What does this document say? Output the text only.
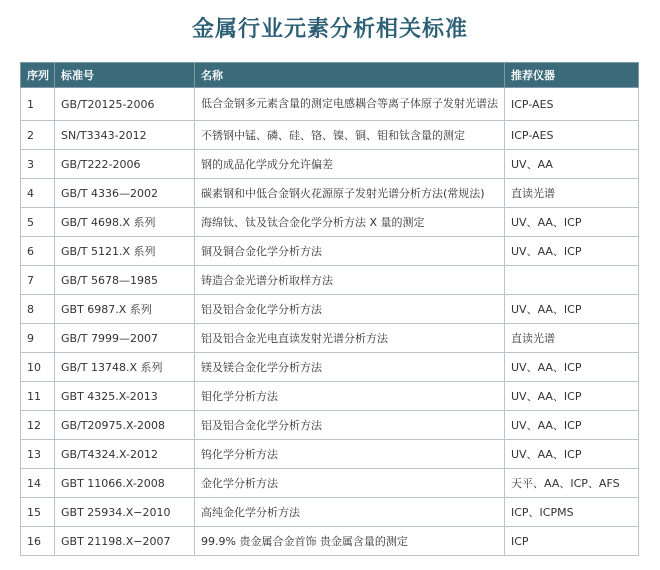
金属行业元素分析相关标准
序列	标准号	名称	推荐仪器
1	GB/T20125-2006	低合金钢多元素含量的测定电感耦合等离子体原子发射光谱法	ICP-AES
2	SN/T3343-2012	不锈钢中锰、磷、硅、铬、镍、铜、钼和钛含量的测定	ICP-AES
3	GB/T222-2006	钢的成品化学成分允许偏差	UV、AA
4	GB/T 4336—2002	碳素钢和中低合金钢火花源原子发射光谱分析方法(常规法)	直读光谱
5	GB/T 4698.X 系列	海绵钛、钛及钛合金化学分析方法 X 量的测定	UV、AA、ICP
6	GB/T 5121.X 系列	铜及铜合金化学分析方法	UV、AA、ICP
7	GB/T 5678—1985	铸造合金光谱分析取样方法	
8	GBT 6987.X 系列	铝及铝合金化学分析方法	UV、AA、ICP
9	GB/T 7999—2007	铝及铝合金光电直读发射光谱分析方法	直读光谱
10	GB/T 13748.X 系列	镁及镁合金化学分析方法	UV、AA、ICP
11	GBT 4325.X-2013	钼化学分析方法	UV、AA、ICP
12	GB/T20975.X-2008	铝及铝合金化学分析方法	UV、AA、ICP
13	GB/T4324.X-2012	钨化学分析方法	UV、AA、ICP
14	GBT 11066.X-2008	金化学分析方法	天平、AA、ICP、AFS
15	GBT 25934.X−2010	高纯金化学分析方法	ICP、ICPMS
16	GBT 21198.X−2007	99.9% 贵金属合金首饰 贵金属含量的测定	ICP
